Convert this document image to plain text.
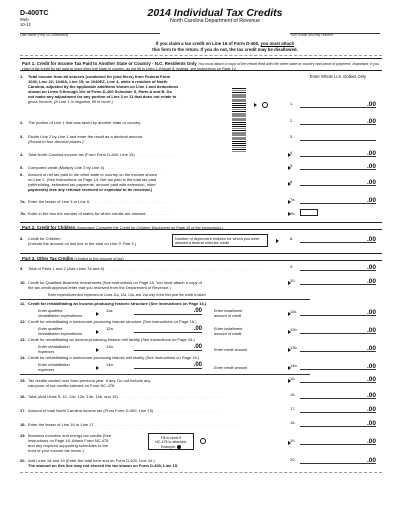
D-400TC
Web
10-14
2014 Individual Tax Credits
North Carolina Department of Revenue
Last Name (First 10 Characters)	Your Social Security Number
If you claim a tax credit on Line 16 of Form D-400, you must attach
this form to the return. If you do not, the tax credit may be disallowed.
Part 1. Credit for Income Tax Paid to Another State or Country - N.C. Residents Only You must attach a copy of the return filed with the other state or country and proof of payment. Important: If you claim a tax credit for tax paid to more than one state or country, do not fill in Lines 1 through 6; instead, see instructions on Page 14.
Enter Whole U.S. Dollars Only
1. Total income from all sources (combined for joint filers) from Federal Form
1040, Line 22; 1040A, Line 15; or 1040EZ, Line 4, while a resident of North
Carolina, adjusted by the applicable additions shown on Line 1 and deductions
shown on Lines 5 through 10e of Form D-400 Schedule S, Parts A and B. Do
not make any adjustment for any portion of Line 3 or 11 that does not relate to
gross income. (If Line 1 is negative, fill in circle.)	1.	.00
2. The portion of Line 1 that was taxed by another state or country.	2.	.00
3. Divide Line 2 by Line 1 and enter the result as a decimal amount.
(Round to four decimal places.)
3.
4. Total North Carolina income tax (From Form D-400, Line 15) . . . . . . . . . . . .	4.	.00
5. Computed credit (Multiply Line 3 by Line 4) . . . . . . . . . . . . . . . . . .	5.	.00
6. Amount of net tax paid to the other state or country on the income shown
on Line 2. (See instructions on Page 14. Net tax paid is the total tax paid
(withholding, estimated tax payments, amount paid with extension, other
payments) less any refunds received or expected to be received.)
6.	.00
7a. Enter the lesser of Line 5 or Line 6. . . . . . . . . . . . . . . . . . . . . . . . .	7a.	.00
7b. Enter in the box the number of states for which credits are claimed. . . . . . . . .	7b.
Part 2. Credit for Children (Important: Complete the Credit for Children Worksheet on Page 15 of the instructions.)
8. Credit for Children
(Include the amount on this line in the total on Line 9, Part 3.)
Number of dependent children for whom you were allowed a federal child tax credit
8.	.00
Part 3. Other Tax Credits (Limited to the amount of tax)
9. Total of Parts 1 and 2 (Add Lines 7a and 8) . . . . . . . . . . . . . . . . . . . . . . . . . . . . . . . . . . . . . . . . . . . . . . . . .	9.	.00
10. Credit for Qualified Business Investments (See instructions on Page 15. You must attach a copy of
the tax credit approval letter that you received from the Department of Revenue.)
10.	.00
Enter expenditures and expenses on Lines 11a, 12a, 13a, and 14a only in the first year the credit is taken
11. Credit for rehabilitating an income-producing historic structure (See instructions on Page 16.)
Enter qualified
rehabilitation expenditures
11a.	.00	Enter installment
amount of credit
11b.	.00
12. Credit for rehabilitating a nonincome-producing historic structure (See instructions on Page 16.)
Enter qualified
rehabilitation expenditures
12a.	.00	Enter installment
amount of credit
12b.	.00
13. Credit for rehabilitating an income-producing historic mill facility (See instructions on Page 16.)
Enter rehabilitation
expenses
13a.	.00	Enter credit amount	13b.	.00
14. Credit for rehabilitating a nonincome-producing historic mill facility (See instructions on Page 16.)
Enter rehabilitation
expenses
14a.	.00	Enter credit amount	14b.	.00
15. Tax credits carried over from previous year. If any. Do not include any
carryover of tax credits claimed on Form NC-478.
15.	.00
16. Total (Add Lines 9, 10, 11b, 12b, 13b, 14b, and 15) . . . . . . . . . . . . . . . . . . . . . . . . . . . . . . . .	16.	.00
17. Amount of total North Carolina income tax (From Form D-400, Line 15) . . . . . . . . . . . . . . . . . . . .	17.	.00
18. Enter the lesser of Line 16 or Line 17 . . . . . . . . . . . . . . . . . . . . . . . . . . . . . . . . . . . . . . . . . . . . .	18.	.00
19. Business incentive and energy tax credits (See
instructions on Page 16. Attach Form NC-478
and any required supporting schedules to the
front of your income tax return.)
Fill in circle if
NC-478 is attached.
Example:
19.	.00
20. Add Lines 18 and 19 (Enter the total here and on Form D-400, Line 16.)
The amount on this line may not exceed the tax shown on Form D-400, Line 15.
20.	.00
